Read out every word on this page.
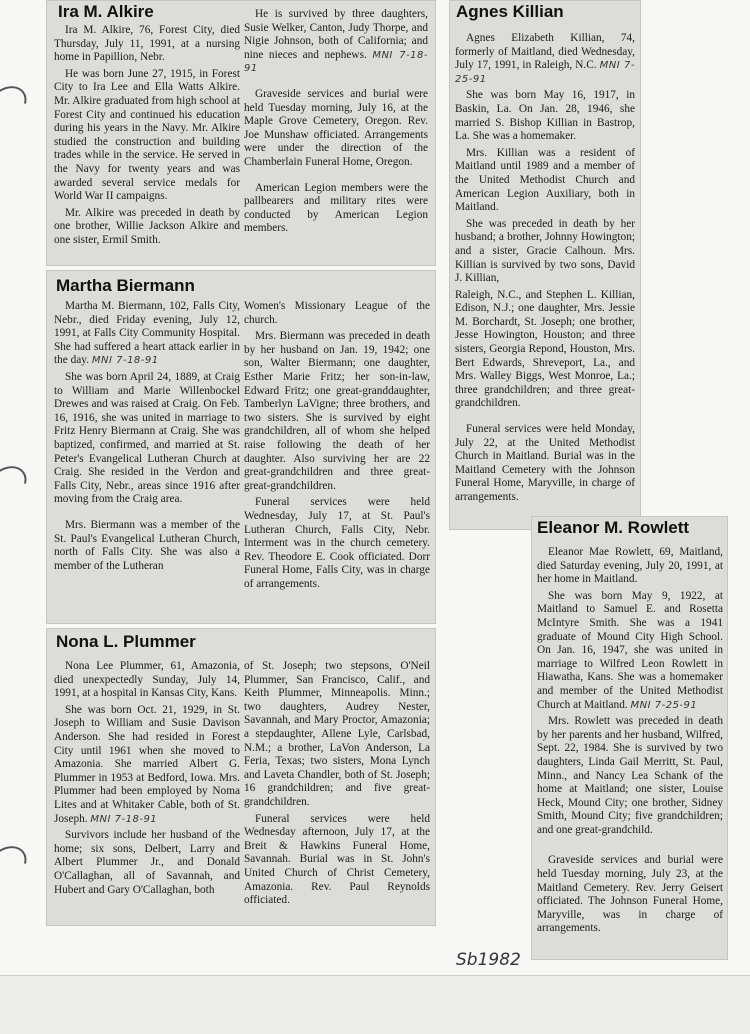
Ira M. Alkire

Ira M. Alkire, 76, Forest City, died Thursday, July 11, 1991, at a nursing home in Papillion, Nebr.

He was born June 27, 1915, in Forest City to Ira Lee and Ella Watts Alkire. Mr. Alkire graduated from high school at Forest City and continued his education during his years in the Navy. Mr. Alkire studied the construction and building trades while in the service. He served in the Navy for twenty years and was awarded several service medals for World War II campaigns.

Mr. Alkire was preceded in death by one brother, Willie Jackson Alkire and one sister, Ermil Smith.

He is survived by three daughters, Susie Welker, Canton, Judy Thorpe, and Nigie Johnson, both of California; and nine nieces and nephews. MNI 7-18-91

Graveside services and burial were held Tuesday morning, July 16, at the Maple Grove Cemetery, Oregon. Rev. Joe Munshaw officiated. Arrangements were under the direction of the Chamberlain Funeral Home, Oregon.

American Legion members were the pallbearers and military rites were conducted by American Legion members.

Martha Biermann

Martha M. Biermann, 102, Falls City, Nebr., died Friday evening, July 12, 1991, at Falls City Community Hospital. She had suffered a heart attack earlier in the day. MNI 7-18-91

She was born April 24, 1889, at Craig to William and Marie Willenbockel Drewes and was raised at Craig. On Feb. 16, 1916, she was united in marriage to Fritz Henry Biermann at Craig. She was baptized, confirmed, and married at St. Peter's Evangelical Lutheran Church at Craig. She resided in the Verdon and Falls City, Nebr., areas since 1916 after moving from the Craig area.

Mrs. Biermann was a member of the St. Paul's Evangelical Lutheran Church, north of Falls City. She was also a member of the Lutheran

Women's Missionary League of the church.

Mrs. Biermann was preceded in death by her husband on Jan. 19, 1942; one son, Walter Biermann; one daughter, Esther Marie Fritz; her son-in-law, Edward Fritz; one great-granddaughter, Tamberlyn LaVigne; three brothers, and two sisters. She is survived by eight grandchildren, all of whom she helped raise following the death of her daughter. Also surviving her are 22 great-grandchildren and three great-great-grandchildren.

Funeral services were held Wednesday, July 17, at St. Paul's Lutheran Church, Falls City, Nebr. Interment was in the church cemetery. Rev. Theodore E. Cook officiated. Dorr Funeral Home, Falls City, was in charge of arrangements.

Nona L. Plummer

Nona Lee Plummer, 61, Amazonia, died unexpectedly Sunday, July 14, 1991, at a hospital in Kansas City, Kans.

She was born Oct. 21, 1929, in St. Joseph to William and Susie Davison Anderson. She had resided in Forest City until 1961 when she moved to Amazonia. She married Albert G. Plummer in 1953 at Bedford, Iowa. Mrs. Plummer had been employed by Noma Lites and at Whitaker Cable, both of St. Joseph. MNI 7-18-91

Survivors include her husband of the home; six sons, Delbert, Larry and Albert Plummer Jr., and Donald O'Callaghan, all of Savannah, and Hubert and Gary O'Callaghan, both

of St. Joseph; two stepsons, O'Neil Plummer, San Francisco, Calif., and Keith Plummer, Minneapolis. Minn.; two daughters, Audrey Nester, Savannah, and Mary Proctor, Amazonia; a stepdaughter, Allene Lyle, Carlsbad, N.M.; a brother, LaVon Anderson, La Feria, Texas; two sisters, Mona Lynch and Laveta Chandler, both of St. Joseph; 16 grandchildren; and five great-grandchildren.

Funeral services were held Wednesday afternoon, July 17, at the Breit & Hawkins Funeral Home, Savannah. Burial was in St. John's United Church of Christ Cemetery, Amazonia. Rev. Paul Reynolds officiated.

Agnes Killian

Agnes Elizabeth Killian, 74, formerly of Maitland, died Wednesday, July 17, 1991, in Raleigh, N.C. MNI 7-25-91

She was born May 16, 1917, in Baskin, La. On Jan. 28, 1946, she married S. Bishop Killian in Bastrop, La. She was a homemaker.

Mrs. Killian was a resident of Maitland until 1989 and a member of the United Methodist Church and American Legion Auxiliary, both in Maitland.

She was preceded in death by her husband; a brother, Johnny Howington; and a sister, Gracie Calhoun. Mrs. Killian is survived by two sons, David J. Killian,

Raleigh, N.C., and Stephen L. Killian, Edison, N.J.; one daughter, Mrs. Jessie M. Borchardt, St. Joseph; one brother, Jesse Howington, Houston; and three sisters, Georgia Repond, Houston, Mrs. Bert Edwards, Shreveport, La., and Mrs. Walley Biggs, West Monroe, La.; three grandchildren; and three great-grandchildren.

Funeral services were held Monday, July 22, at the United Methodist Church in Maitland. Burial was in the Maitland Cemetery with the Johnson Funeral Home, Maryville, in charge of arrangements.

Eleanor M. Rowlett

Eleanor Mae Rowlett, 69, Maitland, died Saturday evening, July 20, 1991, at her home in Maitland.

She was born May 9, 1922, at Maitland to Samuel E. and Rosetta McIntyre Smith. She was a 1941 graduate of Mound City High School. On Jan. 16, 1947, she was united in marriage to Wilfred Leon Rowlett in Hiawatha, Kans. She was a homemaker and member of the United Methodist Church at Maitland. MNI 7-25-91

Mrs. Rowlett was preceded in death by her parents and her husband, Wilfred, Sept. 22, 1984. She is survived by two daughters, Linda Gail Merritt, St. Paul, Minn., and Nancy Lea Schank of the home at Maitland; one sister, Louise Heck, Mound City; one brother, Sidney Smith, Mound City; five grandchildren; and one great-grandchild.

Graveside services and burial were held Tuesday morning, July 23, at the Maitland Cemetery. Rev. Jerry Geisert officiated. The Johnson Funeral Home, Maryville, was in charge of arrangements.

Sb1982
